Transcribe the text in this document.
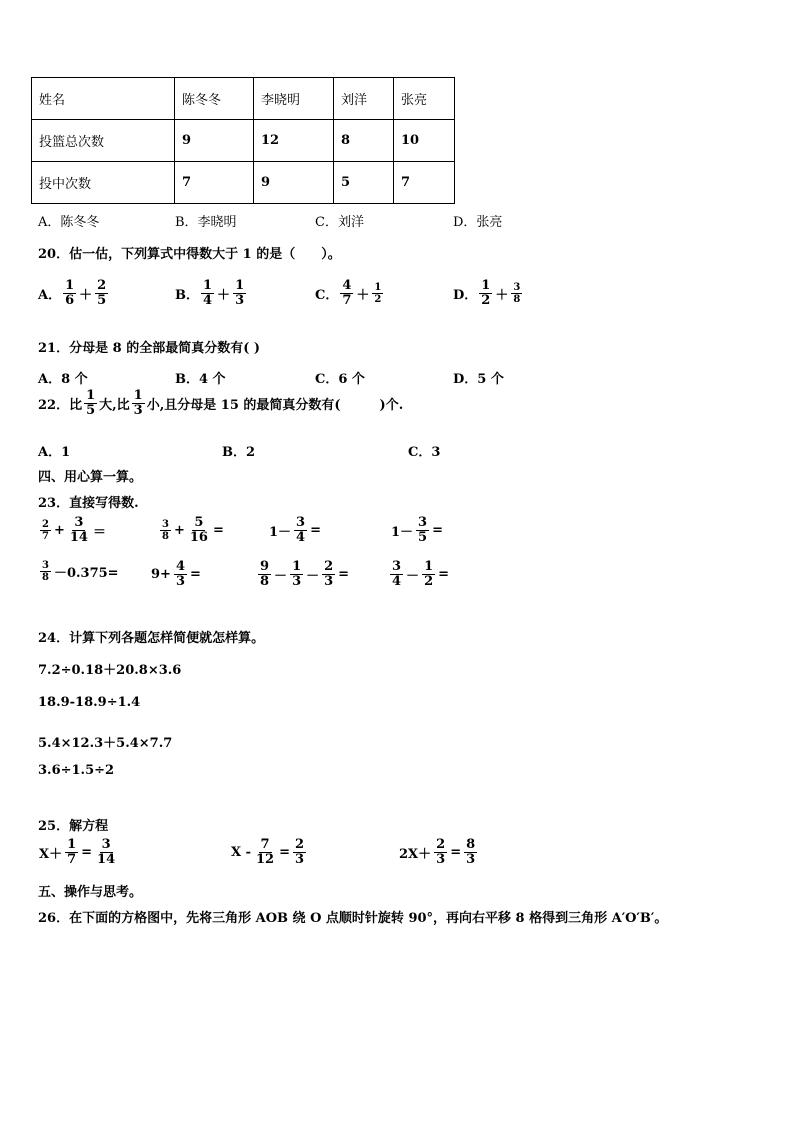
姓名	陈冬冬	李晓明	刘洋	张亮
投篮总次数	9	12	8	10
投中次数	7	9	5	7
A．陈冬冬	B．李晓明	C．刘洋	D．张亮
20．估一估，下列算式中得数大于 1 的是（　　）。
A． $\frac{1}{6} + \frac{2}{5}$	B． $\frac{1}{4} + \frac{1}{3}$	C． $\frac{4}{7} + \frac{1}{2}$	D． $\frac{1}{2} + \frac{3}{8}$
21．分母是 8 的全部最简真分数有( )
A．8 个	B．4 个	C．6 个	D．5 个
22．比 $\frac{1}{5}$ 大,比 $\frac{1}{3}$ 小,且分母是 15 的最简真分数有(　　　)个.
A．1	B．2	C．3
四、用心算一算。
23．直接写得数.
$\frac{2}{7} + \frac{3}{14}$ ＝	$\frac{3}{8} + \frac{5}{16}$ =	$1- \frac{3}{4}$ =	$1- \frac{3}{5}$ =
$\frac{3}{8} -0.375= 9+ \frac{4}{3}$ =	$\frac{9}{8} - \frac{1}{3} - \frac{2}{3}$ =	$\frac{3}{4} - \frac{1}{2}$ =
24．计算下列各题怎样简便就怎样算。
7.2÷0.18＋20.8×3.6
18.9-18.9÷1.4
5.4×12.3＋5.4×7.7
3.6÷1.5÷2
25．解方程
$X+ \frac{1}{7} = \frac{3}{14}$	$X - \frac{7}{12} = \frac{2}{3}$	$2X+ \frac{2}{3} = \frac{8}{3}$
五、操作与思考。
26．在下面的方格图中，先将三角形 AOB 绕 O 点顺时针旋转 90°，再向右平移 8 格得到三角形 A′O′B′。
